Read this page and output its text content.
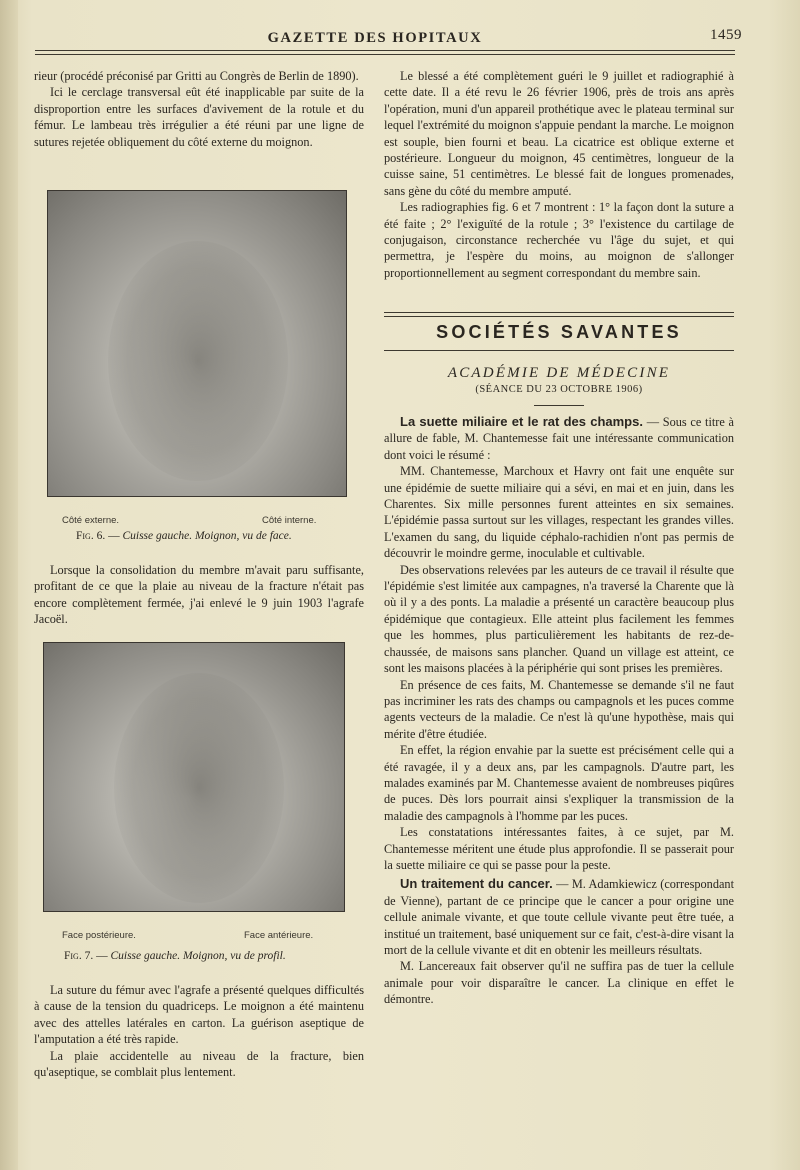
GAZETTE DES HOPITAUX	1459

rieur (procédé préconisé par Gritti au Congrès de Berlin de 1890).

Ici le cerclage transversal eût été inapplicable par suite de la disproportion entre les surfaces d'avivement de la rotule et du fémur. Le lambeau très irrégulier a été réuni par une ligne de sutures rejetée obliquement du côté externe du moignon.

Côté externe.	Côté interne.
Fig. 6. — Cuisse gauche. Moignon, vu de face.

Lorsque la consolidation du membre m'avait paru suffisante, profitant de ce que la plaie au niveau de la fracture n'était pas encore complètement fermée, j'ai enlevé le 9 juin 1903 l'agrafe Jacoël.

Face postérieure.	Face antérieure.
Fig. 7. — Cuisse gauche. Moignon, vu de profil.

La suture du fémur avec l'agrafe a présenté quelques difficultés à cause de la tension du quadriceps. Le moignon a été maintenu avec des attelles latérales en carton. La guérison aseptique de l'amputation a été très rapide.

La plaie accidentelle au niveau de la fracture, bien qu'aseptique, se comblait plus lentement.

Le blessé a été complètement guéri le 9 juillet et radiographié à cette date. Il a été revu le 26 février 1906, près de trois ans après l'opération, muni d'un appareil prothétique avec le plateau terminal sur lequel l'extrémité du moignon s'appuie pendant la marche. Le moignon est souple, bien fourni et beau. La cicatrice est oblique externe et postérieure. Longueur du moignon, 45 centimètres, longueur de la cuisse saine, 51 centimètres. Le blessé fait de longues promenades, sans gène du côté du membre amputé.

Les radiographies fig. 6 et 7 montrent : 1° la façon dont la suture a été faite ; 2° l'exiguïté de la rotule ; 3° l'existence du cartilage de conjugaison, circonstance recherchée vu l'âge du sujet, et qui permettra, je l'espère du moins, au moignon de s'allonger proportionnellement au segment correspondant du membre sain.

SOCIÉTÉS SAVANTES
ACADÉMIE DE MÉDECINE
(SÉANCE DU 23 OCTOBRE 1906)

La suette miliaire et le rat des champs. — Sous ce titre à allure de fable, M. Chantemesse fait une intéressante communication dont voici le résumé :

MM. Chantemesse, Marchoux et Havry ont fait une enquête sur une épidémie de suette miliaire qui a sévi, en mai et en juin, dans les Charentes. Six mille personnes furent atteintes en six semaines. L'épidémie passa surtout sur les villages, respectant les grandes villes. L'examen du sang, du liquide céphalo-rachidien n'ont pas permis de découvrir le moindre germe, inoculable et cultivable.

Des observations relevées par les auteurs de ce travail il résulte que l'épidémie s'est limitée aux campagnes, n'a traversé la Charente que là où il y a des ponts. La maladie a présenté un caractère beaucoup plus épidémique que contagieux. Elle atteint plus facilement les femmes que les hommes, plus particulièrement les habitants de rez-de-chaussée, de maisons sans plancher. Quand un village est atteint, ce sont les maisons placées à la périphérie qui sont prises les premières.

En présence de ces faits, M. Chantemesse se demande s'il ne faut pas incriminer les rats des champs ou campagnols et les puces comme agents vecteurs de la maladie. Ce n'est là qu'une hypothèse, mais qui mérite d'être étudiée.

En effet, la région envahie par la suette est précisément celle qui a été ravagée, il y a deux ans, par les campagnols. D'autre part, les malades examinés par M. Chantemesse avaient de nombreuses piqûres de puces. Dès lors pourrait ainsi s'expliquer la transmission de la maladie des campagnols à l'homme par les puces.

Les constatations intéressantes faites, à ce sujet, par M. Chantemesse méritent une étude plus approfondie. Il se passerait pour la suette miliaire ce qui se passe pour la peste.

Un traitement du cancer. — M. Adamkiewicz (correspondant de Vienne), partant de ce principe que le cancer a pour origine une cellule animale vivante, et que toute cellule vivante peut être tuée, a institué un traitement, basé uniquement sur ce fait, c'est-à-dire visant la mort de la cellule vivante et dit en obtenir les meilleurs résultats.

M. Lancereaux fait observer qu'il ne suffira pas de tuer la cellule animale pour voir disparaître le cancer. La clinique en effet le démontre.
